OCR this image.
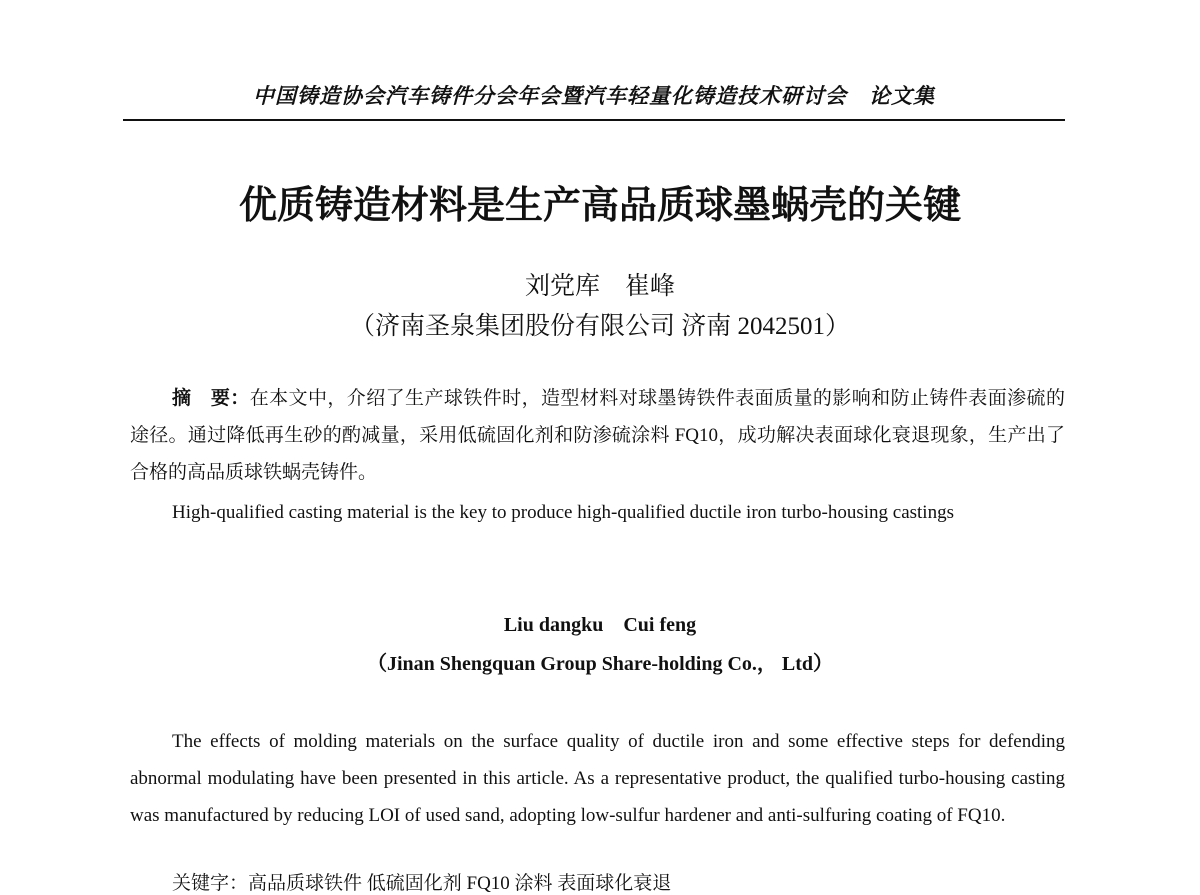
中国铸造协会汽车铸件分会年会暨汽车轻量化铸造技术研讨会　论文集
优质铸造材料是生产高品质球墨蜗壳的关键
刘党库　崔峰
（济南圣泉集团股份有限公司 济南 2042501）
摘　要：在本文中，介绍了生产球铁件时，造型材料对球墨铸铁件表面质量的影响和防止铸件表面渗硫的途径。通过降低再生砂的酌减量，采用低硫固化剂和防渗硫涂料 FQ10，成功解决表面球化衰退现象，生产出了合格的高品质球铁蜗壳铸件。
High-qualified casting material is the key to produce high-qualified ductile iron turbo-housing castings
Liu dangku　Cui feng
（Jinan Shengquan Group Share-holding Co.， Ltd）
The effects of molding materials on the surface quality of ductile iron and some effective steps for defending abnormal modulating have been presented in this article. As a representative product, the qualified turbo-housing casting was manufactured by reducing LOI of used sand, adopting low-sulfur hardener and anti-sulfuring coating of FQ10.
关键字：高品质球铁件 低硫固化剂 FQ10 涂料 表面球化衰退
